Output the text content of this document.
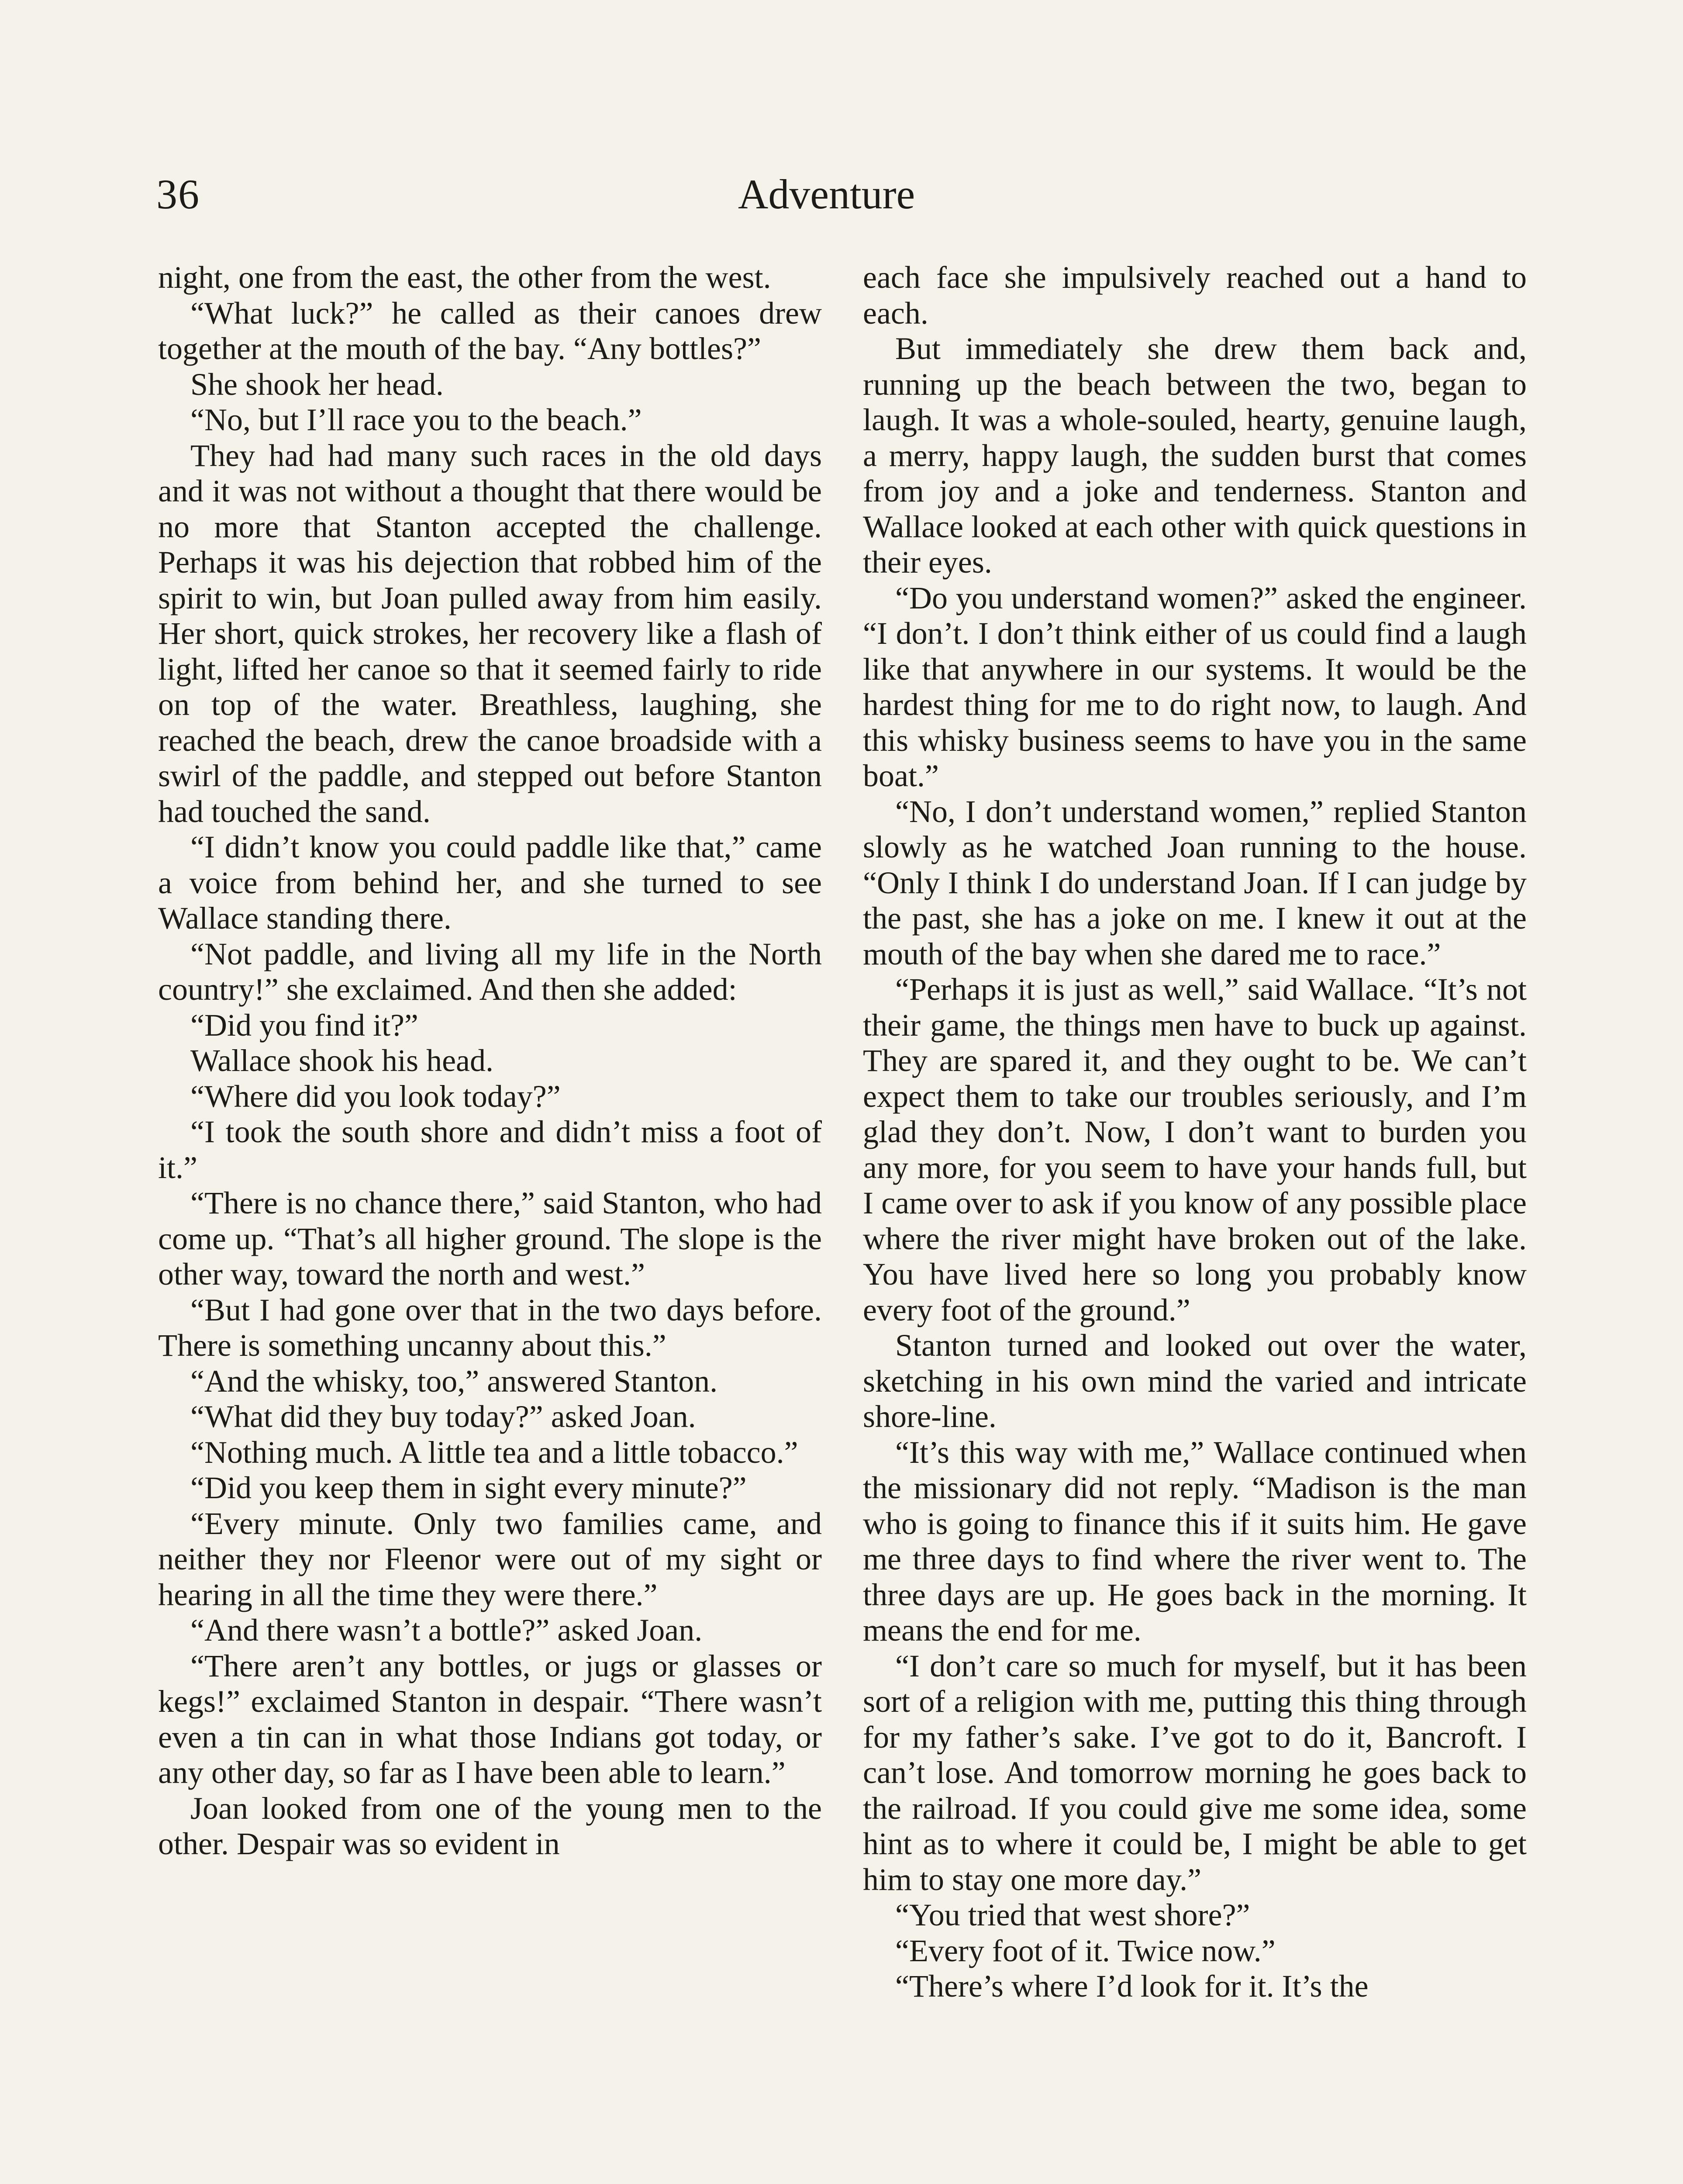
36	Adventure

night, one from the east, the other from the west.

“What luck?” he called as their canoes drew together at the mouth of the bay. “Any bottles?”

She shook her head.

“No, but I’ll race you to the beach.”

They had had many such races in the old days and it was not without a thought that there would be no more that Stanton accepted the challenge. Perhaps it was his dejection that robbed him of the spirit to win, but Joan pulled away from him easily. Her short, quick strokes, her recovery like a flash of light, lifted her canoe so that it seemed fairly to ride on top of the water. Breathless, laughing, she reached the beach, drew the canoe broadside with a swirl of the paddle, and stepped out before Stanton had touched the sand.

“I didn’t know you could paddle like that,” came a voice from behind her, and she turned to see Wallace standing there.

“Not paddle, and living all my life in the North country!” she exclaimed. And then she added:

“Did you find it?”

Wallace shook his head.

“Where did you look today?”

“I took the south shore and didn’t miss a foot of it.”

“There is no chance there,” said Stanton, who had come up. “That’s all higher ground. The slope is the other way, toward the north and west.”

“But I had gone over that in the two days before. There is something uncanny about this.”

“And the whisky, too,” answered Stanton.

“What did they buy today?” asked Joan.

“Nothing much. A little tea and a little tobacco.”

“Did you keep them in sight every minute?”

“Every minute. Only two families came, and neither they nor Fleenor were out of my sight or hearing in all the time they were there.”

“And there wasn’t a bottle?” asked Joan.

“There aren’t any bottles, or jugs or glasses or kegs!” exclaimed Stanton in despair. “There wasn’t even a tin can in what those Indians got today, or any other day, so far as I have been able to learn.”

Joan looked from one of the young men to the other. Despair was so evident in

each face she impulsively reached out a hand to each.

But immediately she drew them back and, running up the beach between the two, began to laugh. It was a whole-souled, hearty, genuine laugh, a merry, happy laugh, the sudden burst that comes from joy and a joke and tenderness. Stanton and Wallace looked at each other with quick questions in their eyes.

“Do you understand women?” asked the engineer. “I don’t. I don’t think either of us could find a laugh like that anywhere in our systems. It would be the hardest thing for me to do right now, to laugh. And this whisky business seems to have you in the same boat.”

“No, I don’t understand women,” replied Stanton slowly as he watched Joan running to the house. “Only I think I do understand Joan. If I can judge by the past, she has a joke on me. I knew it out at the mouth of the bay when she dared me to race.”

“Perhaps it is just as well,” said Wallace. “It’s not their game, the things men have to buck up against. They are spared it, and they ought to be. We can’t expect them to take our troubles seriously, and I’m glad they don’t. Now, I don’t want to burden you any more, for you seem to have your hands full, but I came over to ask if you know of any possible place where the river might have broken out of the lake. You have lived here so long you probably know every foot of the ground.”

Stanton turned and looked out over the water, sketching in his own mind the varied and intricate shore-line.

“It’s this way with me,” Wallace continued when the missionary did not reply. “Madison is the man who is going to finance this if it suits him. He gave me three days to find where the river went to. The three days are up. He goes back in the morning. It means the end for me.

“I don’t care so much for myself, but it has been sort of a religion with me, putting this thing through for my father’s sake. I’ve got to do it, Bancroft. I can’t lose. And tomorrow morning he goes back to the railroad. If you could give me some idea, some hint as to where it could be, I might be able to get him to stay one more day.”

“You tried that west shore?”

“Every foot of it. Twice now.”

“There’s where I’d look for it. It’s the
